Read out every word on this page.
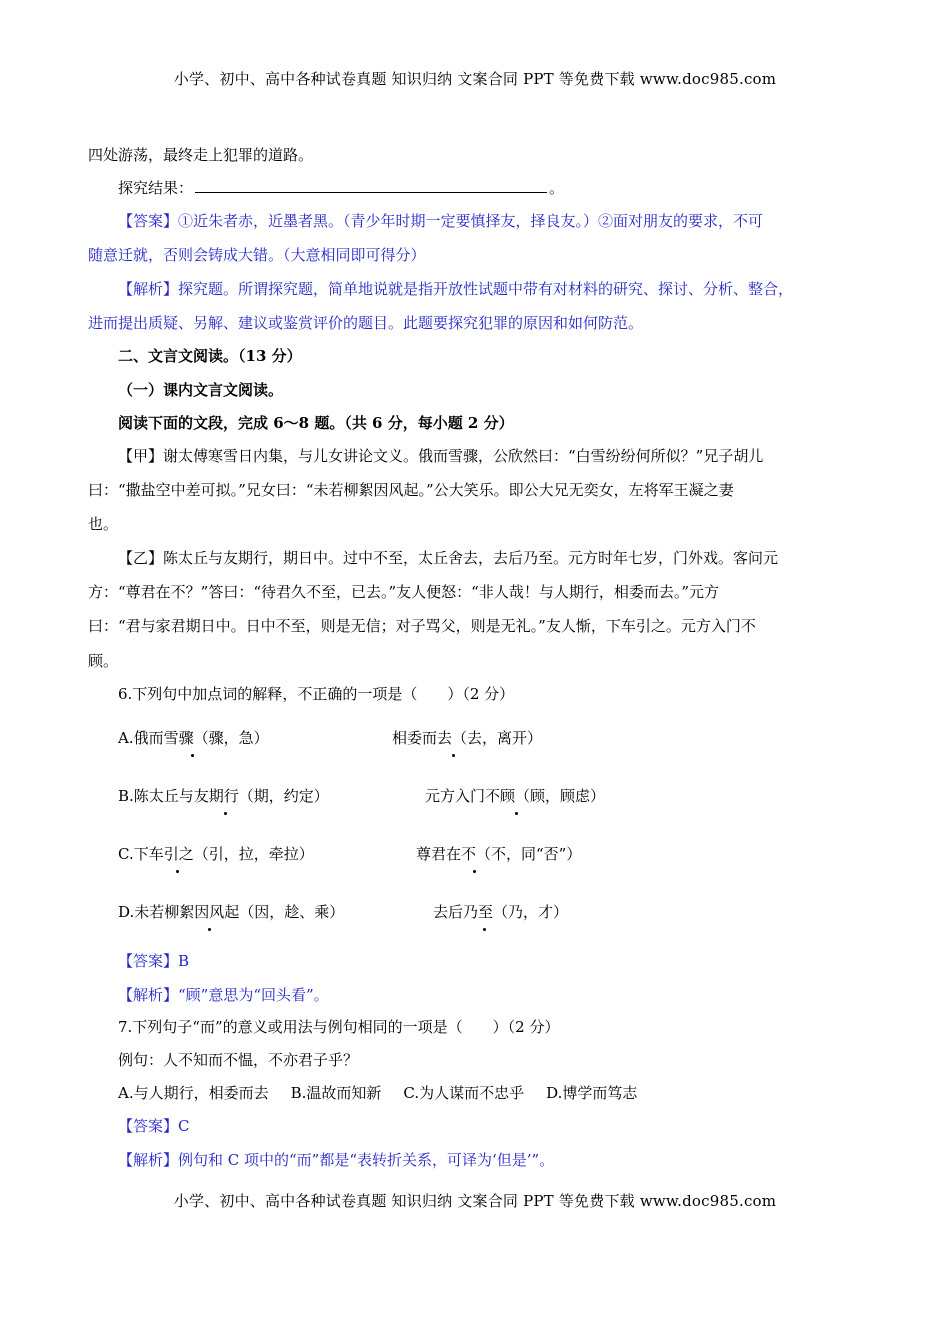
小学、初中、高中各种试卷真题 知识归纳 文案合同 PPT 等免费下载 www.doc985.com
四处游荡，最终走上犯罪的道路。
探究结果：	。
【答案】①近朱者赤，近墨者黑。（青少年时期一定要慎择友，择良友。）②面对朋友的要求，不可
随意迁就，否则会铸成大错。（大意相同即可得分）
【解析】探究题。所谓探究题，简单地说就是指开放性试题中带有对材料的研究、探讨、分析、整合，
进而提出质疑、另解、建议或鉴赏评价的题目。此题要探究犯罪的原因和如何防范。
二、文言文阅读。（13 分）
（一）课内文言文阅读。
阅读下面的文段，完成 6～8 题。（共 6 分，每小题 2 分）
【甲】谢太傅寒雪日内集，与儿女讲论文义。俄而雪骤，公欣然曰：“白雪纷纷何所似？”兄子胡儿
曰：“撒盐空中差可拟。”兄女曰：“未若柳絮因风起。”公大笑乐。即公大兄无奕女，左将军王凝之妻
也。
【乙】陈太丘与友期行，期日中。过中不至，太丘舍去，去后乃至。元方时年七岁，门外戏。客问元
方：“尊君在不？”答曰：“待君久不至，已去。”友人便怒：“非人哉！与人期行，相委而去。”元方
曰：“君与家君期日中。日中不至，则是无信；对子骂父，则是无礼。”友人惭，下车引之。元方入门不
顾。
6.下列句中加点词的解释，不正确的一项是（　　）（2 分）
A.俄而雪骤（骤，急）	相委而去（去，离开）
B.陈太丘与友期行（期，约定）	元方入门不顾（顾，顾虑）
C.下车引之（引，拉，牵拉）	尊君在不（不，同“否”）
D.未若柳絮因风起（因，趁、乘）	去后乃至（乃，才）
【答案】B
【解析】“顾”意思为“回头看”。
7.下列句子“而”的意义或用法与例句相同的一项是（　　）（2 分）
例句：人不知而不愠，不亦君子乎？
A.与人期行，相委而去 B.温故而知新 C.为人谋而不忠乎 D.博学而笃志
【答案】C
【解析】例句和 C 项中的“而”都是“表转折关系，可译为‘但是’”。
小学、初中、高中各种试卷真题 知识归纳 文案合同 PPT 等免费下载 www.doc985.com
